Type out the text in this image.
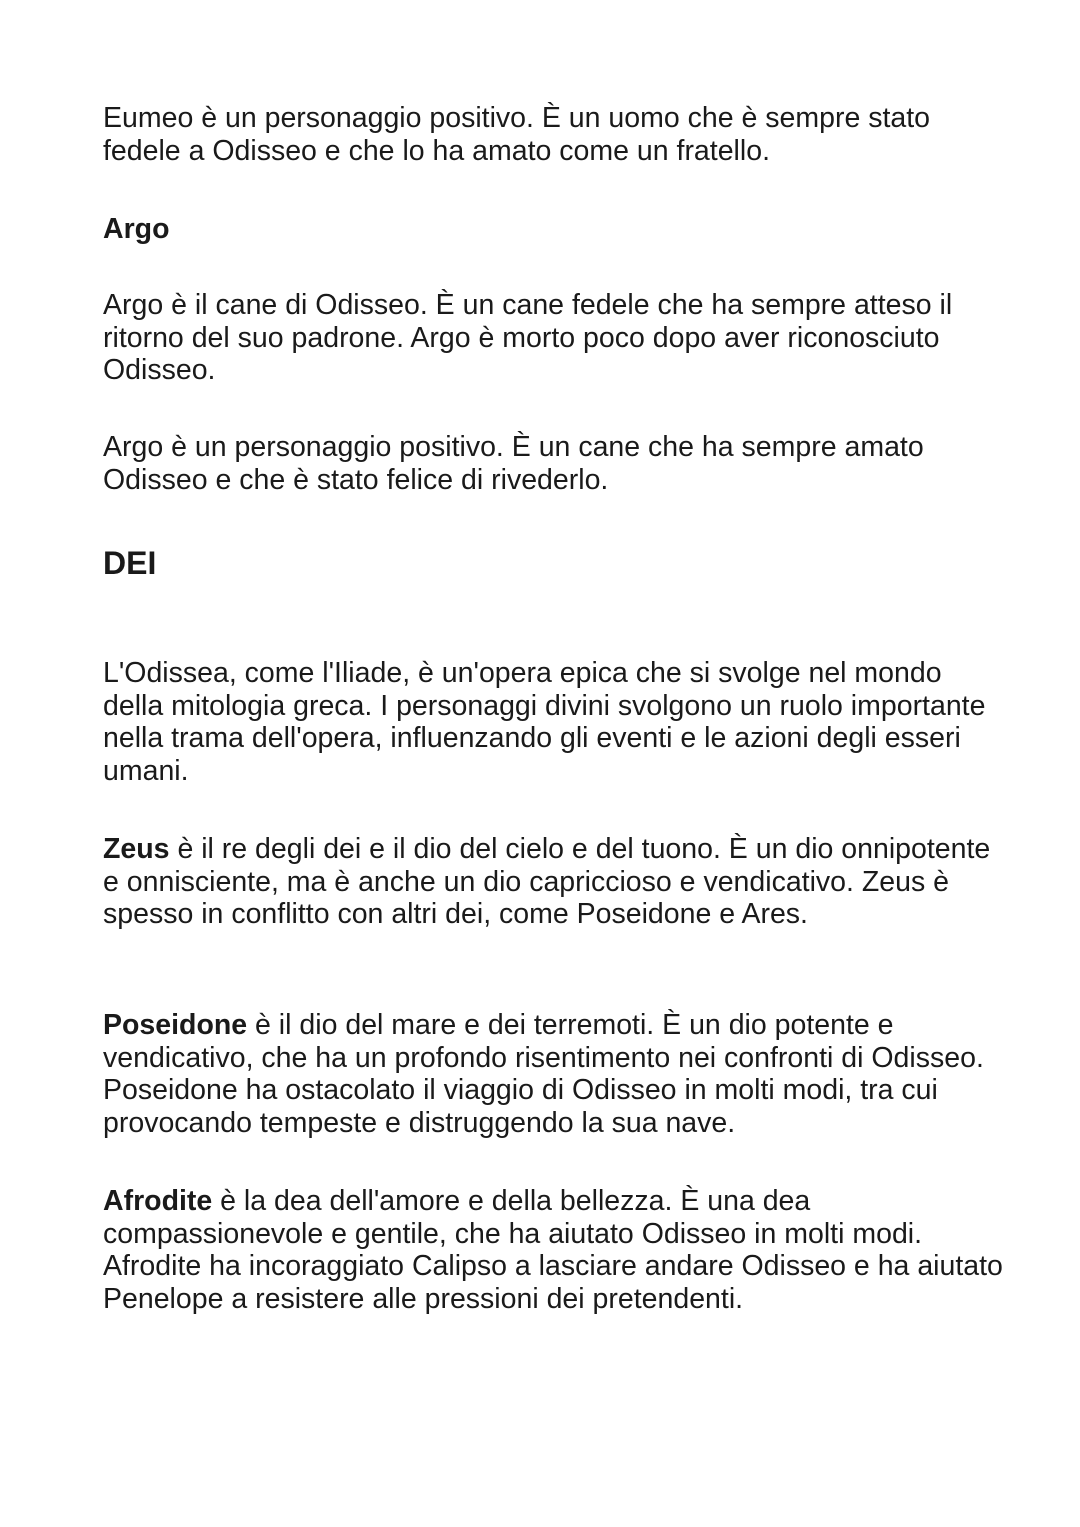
Eumeo è un personaggio positivo. È un uomo che è sempre stato fedele a Odisseo e che lo ha amato come un fratello.

Argo

Argo è il cane di Odisseo. È un cane fedele che ha sempre atteso il ritorno del suo padrone. Argo è morto poco dopo aver riconosciuto Odisseo.

Argo è un personaggio positivo. È un cane che ha sempre amato Odisseo e che è stato felice di rivederlo.

DEI

L'Odissea, come l'Iliade, è un'opera epica che si svolge nel mondo della mitologia greca. I personaggi divini svolgono un ruolo importante nella trama dell'opera, influenzando gli eventi e le azioni degli esseri umani.

Zeus è il re degli dei e il dio del cielo e del tuono. È un dio onnipotente e onnisciente, ma è anche un dio capriccioso e vendicativo. Zeus è spesso in conflitto con altri dei, come Poseidone e Ares.

Poseidone è il dio del mare e dei terremoti. È un dio potente e vendicativo, che ha un profondo risentimento nei confronti di Odisseo. Poseidone ha ostacolato il viaggio di Odisseo in molti modi, tra cui provocando tempeste e distruggendo la sua nave.

Afrodite è la dea dell'amore e della bellezza. È una dea compassionevole e gentile, che ha aiutato Odisseo in molti modi. Afrodite ha incoraggiato Calipso a lasciare andare Odisseo e ha aiutato Penelope a resistere alle pressioni dei pretendenti.
